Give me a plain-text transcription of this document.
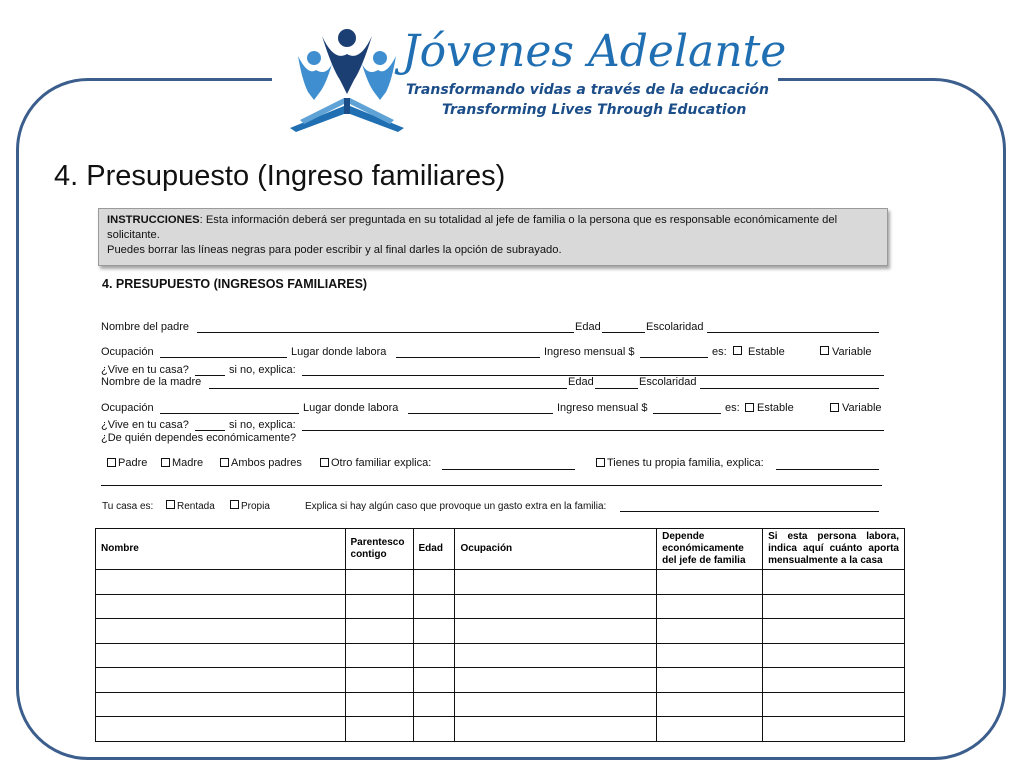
Jóvenes Adelante
Transformando vidas a través de la educación
Transforming Lives Through Education
4. Presupuesto (Ingreso familiares)
INSTRUCCIONES: Esta información deberá ser preguntada en su totalidad al jefe de familia o la persona que es responsable económicamente del solicitante.
Puedes borrar las líneas negras para poder escribir y al final darles la opción de subrayado.
4. PRESUPUESTO (INGRESOS FAMILIARES)
Nombre del padre	Edad	Escolaridad
Ocupación	Lugar donde labora	Ingreso mensual $	es: Estable	Variable
¿Vive en tu casa?	si no, explica:
Nombre de la madre	Edad	Escolaridad
Ocupación	Lugar donde labora	Ingreso mensual $	es: Estable	Variable
¿Vive en tu casa?	si no, explica:
¿De quién dependes económicamente?
Padre Madre	Ambos padres	Otro familiar explica:	Tienes tu propia familia, explica:
Tu casa es: Rentada	Propia	Explica si hay algún caso que provoque un gasto extra en la familia:
Nombre	Parentesco contigo	Edad	Ocupación	Depende económicamente del jefe de familia	Si esta persona labora, indica aquí cuánto aporta mensualmente a la casa
